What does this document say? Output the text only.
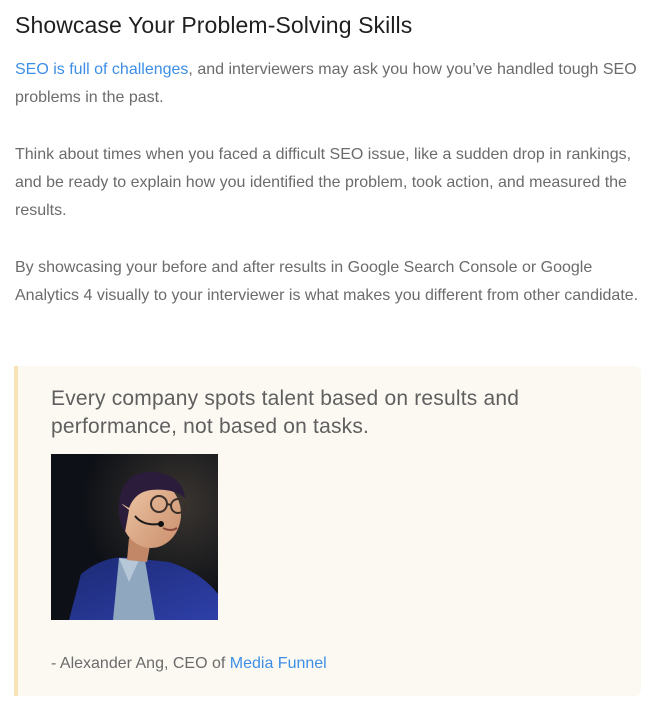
Showcase Your Problem-Solving Skills

SEO is full of challenges, and interviewers may ask you how you’ve handled tough SEO problems in the past.

Think about times when you faced a difficult SEO issue, like a sudden drop in rankings, and be ready to explain how you identified the problem, took action, and measured the results.

By showcasing your before and after results in Google Search Console or Google Analytics 4 visually to your interviewer is what makes you different from other candidate.

Every company spots talent based on results and performance, not based on tasks.

- Alexander Ang, CEO of Media Funnel
